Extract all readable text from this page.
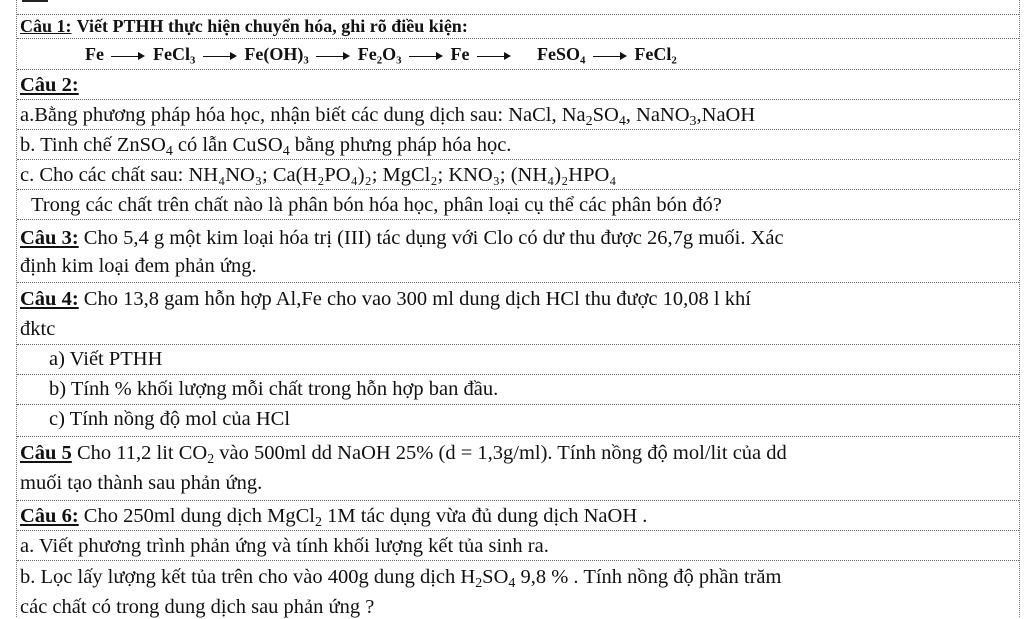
Câu 1: Viết PTHH thực hiện chuyển hóa, ghi rõ điều kiện:
Fe	FeCl₃	Fe(OH)₃	Fe₂O₃	Fe	FeSO₄	FeCl₂
Câu 2:
a.Bằng phương pháp hóa học, nhận biết các dung dịch sau: NaCl, $Na_2SO_4$, NaNO$_3$,NaOH
b. Tinh chế ZnSO$_4$ có lẫn CuSO$_4$ bằng phưng pháp hóa học.
c. Cho các chất sau: NH₄NO₃; Ca(H₂PO₄)₂; MgCl₂; KNO₃; (NH₄)₂HPO₄
Trong các chất trên chất nào là phân bón hóa học, phân loại cụ thể các phân bón đó?
Câu 3: Cho 5,4 g một kim loại hóa trị (III) tác dụng với Clo có dư thu được 26,7g muối. Xác
định kim loại đem phản ứng.
Câu 4: Cho 13,8 gam hỗn hợp Al,Fe cho vao 300 ml dung dịch HCl thu được 10,08 l khí
đktc
a) Viết PTHH
b) Tính % khối lượng mỗi chất trong hỗn hợp ban đầu.
c) Tính nồng độ mol của HCl
Câu 5 Cho 11,2 lit $CO_2$ vào 500ml dd NaOH 25% (d = 1,3g/ml). Tính nồng độ mol/lit của dd
muối tạo thành sau phản ứng.
Câu 6: Cho 250ml dung dịch MgCl$_2$ 1M tác dụng vừa đủ dung dịch NaOH .
a. Viết phương trình phản ứng và tính khối lượng kết tủa sinh ra.
b. Lọc lấy lượng kết tủa trên cho vào 400g dung dịch $H_2SO_4$ 9,8 % . Tính nồng độ phần trăm
các chất có trong dung dịch sau phản ứng ?
